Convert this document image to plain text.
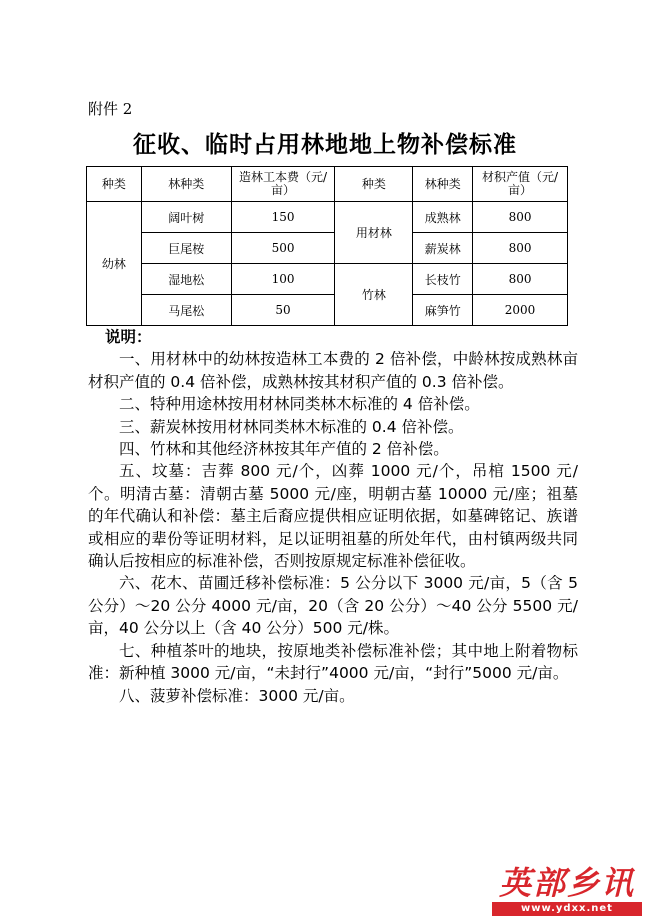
附件 2
征收、临时占用林地地上物补偿标准
种类	林种类	造林工本费（元/亩）	种类	林种类	材积产值（元/亩）
幼林	阔叶树	150	用材林	成熟林	800
	巨尾桉	500		薪炭林	800
	湿地松	100	竹林	长枝竹	800
	马尾松	50		麻笋竹	2000

说明：

一、用材林中的幼林按造林工本费的 2 倍补偿，中龄林按成熟林亩材积产值的 0.4 倍补偿，成熟林按其材积产值的 0.3 倍补偿。

二、特种用途林按用材林同类林木标准的 4 倍补偿。

三、薪炭林按用材林同类林木标准的 0.4 倍补偿。

四、竹林和其他经济林按其年产值的 2 倍补偿。

五、坟墓：吉葬 800 元/个，凶葬 1000 元/个，吊棺 1500 元/个。明清古墓：清朝古墓 5000 元/座，明朝古墓 10000 元/座；祖墓的年代确认和补偿：墓主后裔应提供相应证明依据，如墓碑铭记、族谱或相应的辈份等证明材料，足以证明祖墓的所处年代，由村镇两级共同确认后按相应的标准补偿，否则按原规定标准补偿征收。

六、花木、苗圃迁移补偿标准：5 公分以下 3000 元/亩，5（含 5 公分）～20 公分 4000 元/亩，20（含 20 公分）～40 公分 5500 元/亩，40 公分以上（含 40 公分）500 元/株。

七、种植茶叶的地块，按原地类补偿标准补偿；其中地上附着物标准：新种植 3000 元/亩，“未封行”4000 元/亩，“封行”5000 元/亩。

八、菠萝补偿标准：3000 元/亩。

英部乡讯
www.ydxx.net
